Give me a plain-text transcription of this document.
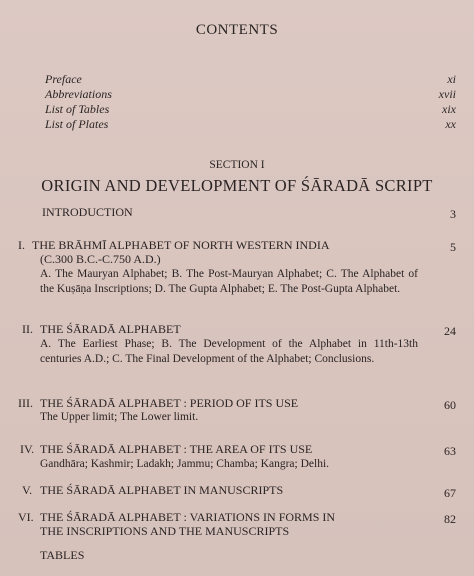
CONTENTS
Preface	xi
Abbreviations	xvii
List of Tables	xix
List of Plates	xx
SECTION I
ORIGIN AND DEVELOPMENT OF ŚĀRADĀ SCRIPT
INTRODUCTION	3
I. THE BRĀHMĪ ALPHABET OF NORTH WESTERN INDIA	5
(C.300 B.C.-C.750 A.D.)
A. The Mauryan Alphabet; B. The Post-Mauryan Alphabet; C. The Alphabet of the Kuṣāṇa Inscriptions; D. The Gupta Alphabet; E. The Post-Gupta Alphabet.
II. THE ŚĀRADĀ ALPHABET	24
A. The Earliest Phase; B. The Development of the Alphabet in 11th-13th centuries A.D.; C. The Final Development of the Alphabet; Conclusions.
III. THE ŚĀRADĀ ALPHABET : PERIOD OF ITS USE	60
The Upper limit; The Lower limit.
IV. THE ŚĀRADĀ ALPHABET : THE AREA OF ITS USE	63
Gandhāra; Kashmir; Ladakh; Jammu; Chamba; Kangra; Delhi.
V. THE ŚĀRADĀ ALPHABET IN MANUSCRIPTS	67
VI. THE ŚĀRADĀ ALPHABET : VARIATIONS IN FORMS IN	82
THE INSCRIPTIONS AND THE MANUSCRIPTS
TABLES
